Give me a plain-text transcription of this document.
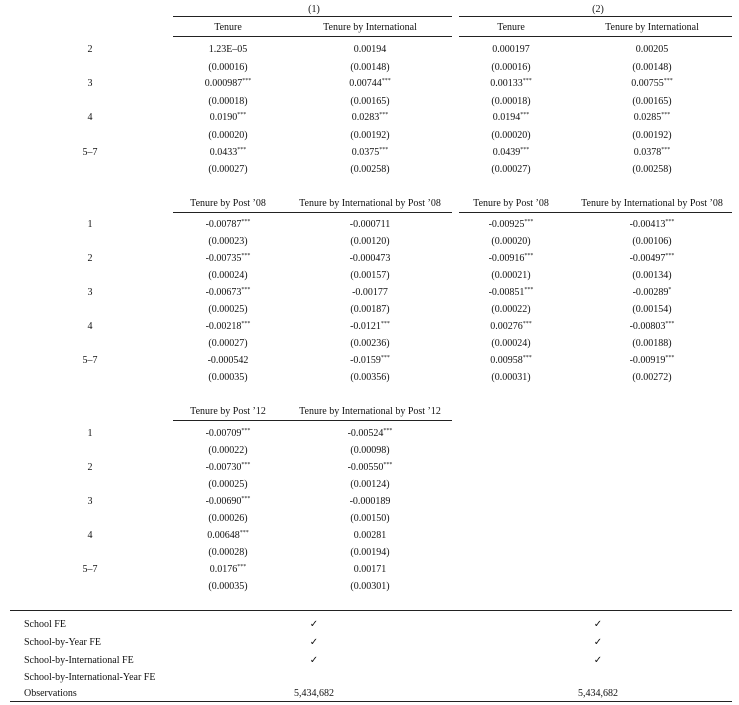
(1)	(2)
Tenure	Tenure by International	Tenure	Tenure by International
2	1.23E–05	0.00194	0.000197	0.00205
(0.00016)	(0.00148)	(0.00016)	(0.00148)
3	0.000987***	0.00744***	0.00133***	0.00755***
(0.00018)	(0.00165)	(0.00018)	(0.00165)
4	0.0190***	0.0283***	0.0194***	0.0285***
(0.00020)	(0.00192)	(0.00020)	(0.00192)
5–7	0.0433***	0.0375***	0.0439***	0.0378***
(0.00027)	(0.00258)	(0.00027)	(0.00258)
Tenure by Post ’08	Tenure by International by Post ’08	Tenure by Post ’08	Tenure by International by Post ’08
1	-0.00787***	-0.000711	-0.00925***	-0.00413***
(0.00023)	(0.00120)	(0.00020)	(0.00106)
2	-0.00735***	-0.000473	-0.00916***	-0.00497***
(0.00024)	(0.00157)	(0.00021)	(0.00134)
3	-0.00673***	-0.00177	-0.00851***	-0.00289*
(0.00025)	(0.00187)	(0.00022)	(0.00154)
4	-0.00218***	-0.0121***	0.00276***	-0.00803***
(0.00027)	(0.00236)	(0.00024)	(0.00188)
5–7	-0.000542	-0.0159***	0.00958***	-0.00919***
(0.00035)	(0.00356)	(0.00031)	(0.00272)
Tenure by Post ’12	Tenure by International by Post ’12
1	-0.00709***	-0.00524***
(0.00022)	(0.00098)
2	-0.00730***	-0.00550***
(0.00025)	(0.00124)
3	-0.00690***	-0.000189
(0.00026)	(0.00150)
4	0.00648***	0.00281
(0.00028)	(0.00194)
5–7	0.0176***	0.00171
(0.00035)	(0.00301)
School FE	✓	✓
School-by-Year FE	✓	✓
School-by-International FE	✓	✓
School-by-International-Year FE
Observations	5,434,682	5,434,682
